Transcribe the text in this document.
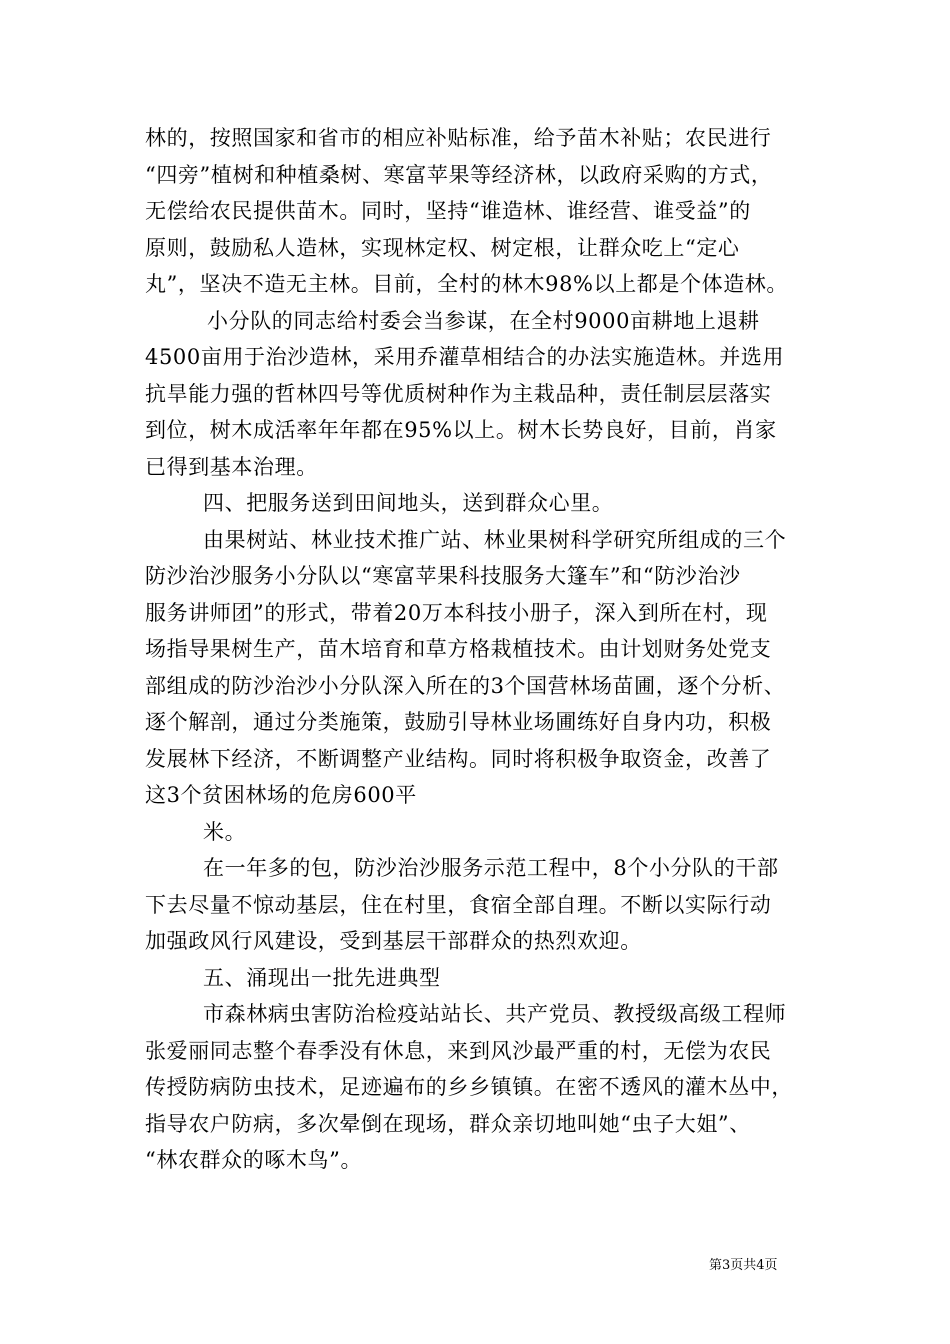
林的，按照国家和省市的相应补贴标准，给予苗木补贴；农民进行
“四旁”植树和种植桑树、寒富苹果等经济林，以政府采购的方式，
无偿给农民提供苗木。同时，坚持“谁造林、谁经营、谁受益”的
原则，鼓励私人造林，实现林定权、树定根，让群众吃上“定心
丸”，坚决不造无主林。目前，全村的林木98%以上都是个体造林。
小分队的同志给村委会当参谋，在全村9000亩耕地上退耕
4500亩用于治沙造林，采用乔灌草相结合的办法实施造林。并选用
抗旱能力强的哲林四号等优质树种作为主栽品种，责任制层层落实
到位，树木成活率年年都在95%以上。树木长势良好，目前，肖家
已得到基本治理。
四、把服务送到田间地头，送到群众心里。
由果树站、林业技术推广站、林业果树科学研究所组成的三个
防沙治沙服务小分队以“寒富苹果科技服务大篷车”和“防沙治沙
服务讲师团”的形式，带着20万本科技小册子，深入到所在村，现
场指导果树生产，苗木培育和草方格栽植技术。由计划财务处党支
部组成的防沙治沙小分队深入所在的3个国营林场苗圃，逐个分析、
逐个解剖，通过分类施策，鼓励引导林业场圃练好自身内功，积极
发展林下经济，不断调整产业结构。同时将积极争取资金，改善了
这3个贫困林场的危房600平
米。
在一年多的包，防沙治沙服务示范工程中，8个小分队的干部
下去尽量不惊动基层，住在村里，食宿全部自理。不断以实际行动
加强政风行风建设，受到基层干部群众的热烈欢迎。
五、涌现出一批先进典型
市森林病虫害防治检疫站站长、共产党员、教授级高级工程师
张爱丽同志整个春季没有休息，来到风沙最严重的村，无偿为农民
传授防病防虫技术，足迹遍布的乡乡镇镇。在密不透风的灌木丛中，
指导农户防病，多次晕倒在现场，群众亲切地叫她“虫子大姐”、
“林农群众的啄木鸟”。
第3页共4页
